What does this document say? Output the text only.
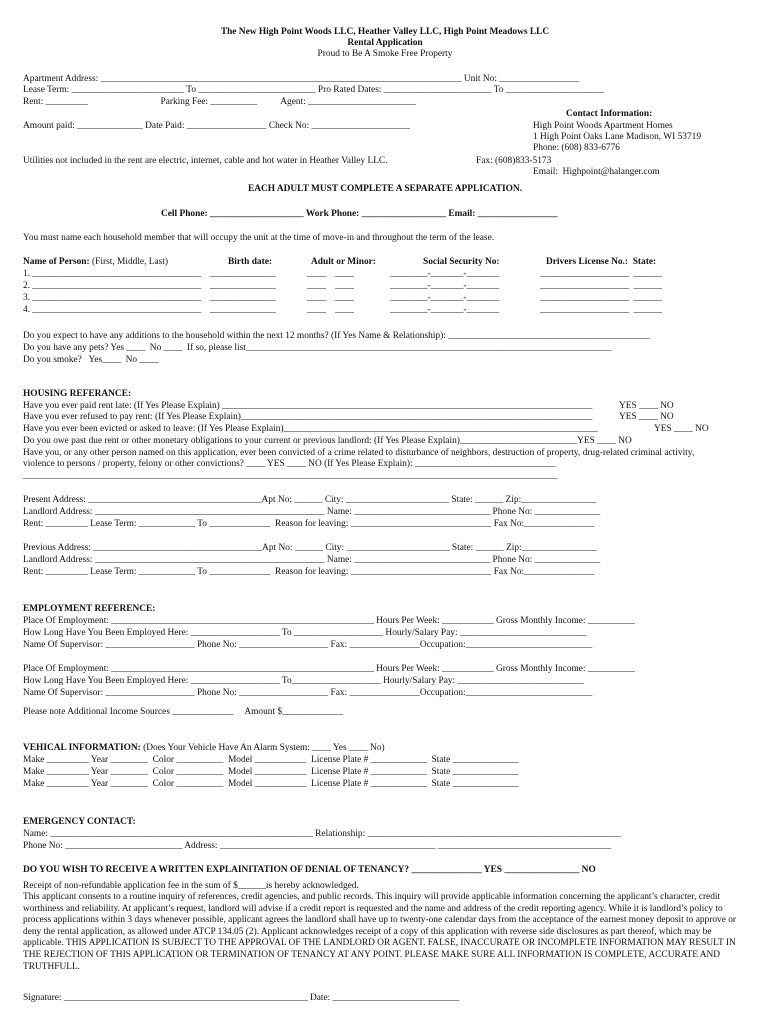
The New High Point Woods LLC, Heather Valley LLC, High Point Meadows LLC
Rental Application
Proud to Be A Smoke Free Property
Apartment Address: _____________________________________________________________________________ Unit No: _________________
Lease Term: ________________________ To _________________________ Pro Rated Dates: _______________________ To _____________________
Rent: _________                               Parking Fee: __________          Agent: _______________________
Contact Information:
Amount paid: ______________ Date Paid: _________________ Check No: _____________________	High Point Woods Apartment Homes
1 High Point Oaks Lane Madison, WI 53719
Phone: (608) 833-6776
Utilities not included in the rent are electric, internet, cable and hot water in Heather Valley LLC.	Fax: (608)833-5173
Email:  Highpoint@halanger.com
EACH ADULT MUST COMPLETE A SEPARATE APPLICATION.
Cell Phone: ____________________ Work Phone: __________________ Email: _________________
You must name each household member that will occupy the unit at the time of move-in and throughout the term of the lease.
Name of Person: (First, Middle, Last)	Birth date:	Adult or Minor:	Social Security No:	Drivers License No.:  State:
1. ____________________________________ ______________	____    ____	________-_______-_______	___________________  ______
2. ____________________________________ ______________	____    ____	________-_______-_______	___________________  ______
3. ____________________________________ ______________	____    ____	________-_______-_______	___________________  ______
4. ____________________________________ ______________	____    ____	________-_______-_______	___________________  ______
Do you expect to have any additions to the household within the next 12 months? (If Yes Name & Relationship): ___________________________________________
Do you have any pets? Yes ____  No ____  If so, please list______________________________________________________________________________
Do you smoke?   Yes____  No ____
HOUSING REFERANCE:
Have you ever paid rent late: (If Yes Please Explain) _______________________________________________________________________________	YES ____ NO
Have you ever refused to pay rent: (If Yes Please Explain)___________________________________________________________________________	YES ____ NO
Have you ever been evicted or asked to leave: (If Yes Please Explain)___________________________________________________________________	YES ____ NO
Do you owe past due rent or other monetary obligations to your current or previous landlord: (If Yes Please Explain)_________________________YES ____ NO
Have you, or any other person named on this application, ever been convicted of a crime related to disturbance of neighbors, destruction of property, drug-related criminal activity,
violence to persons / property, felony or other convictions? ____ YES ____ NO (If Yes Please Explain): ______________________________
__________________________________________________________________________________________________________________
Present Address: _____________________________________Apt No: ______ City: ______________________ State: ______ Zip:________________
Landlord Address: _________________________________________________ Name: _____________________________ Phone No: ______________
Rent: _________ Lease Term: ____________ To _____________  Reason for leaving: ______________________________ Fax No:_______________
Previous Address: ____________________________________Apt No: ______ City: ______________________ State: ______ Zip:________________
Landlord Address: _________________________________________________ Name: _____________________________ Phone No: ______________
Rent: _________ Lease Term: ____________ To _____________  Reason for leaving: ______________________________ Fax No:_______________
EMPLOYMENT REFERENCE:
Place Of Employment: ________________________________________________________ Hours Per Week: ___________ Gross Monthly Income: __________
How Long Have You Been Employed Here: ___________________ To ___________________ Hourly/Salary Pay: ___________________________
Name Of Supervisor: ___________________ Phone No: ___________________ Fax: _______________Occupation:___________________________
Place Of Employment: ________________________________________________________ Hours Per Week: ___________ Gross Monthly Income: __________
How Long Have You Been Employed Here: ___________________ To___________________ Hourly/Salary Pay: ___________________________
Name Of Supervisor: ___________________ Phone No: ___________________ Fax: _______________Occupation:___________________________
Please note Additional Income Sources _____________     Amount $_____________
VEHICAL INFORMATION: (Does Your Vehicle Have An Alarm System: ____ Yes ____ No)
Make _________ Year ________  Color __________  Model ___________  License Plate # ____________  State ______________
Make _________ Year ________  Color __________  Model ___________  License Plate # ____________  State ______________
Make _________ Year ________  Color __________  Model ___________  License Plate # ____________  State ______________
EMERGENCY CONTACT:
Name: ________________________________________________________ Relationship: ______________________________________________________
Phone No: _________________________ Address: ______________________________________________ _____________________________________
DO YOU WISH TO RECEIVE A WRITTEN EXPLAINITATION OF DENIAL OF TENANCY? _______________ YES ________________ NO
Receipt of non-refundable application fee in the sum of $______is hereby acknowledged.
This applicant consents to a routine inquiry of references, credit agencies, and public records. This inquiry will provide applicable information concerning the applicant’s character, credit worthiness and reliability. At applicant’s request, landlord will advise if a credit report is requested and the name and address of the credit reporting agency. While it is landlord’s policy to process applications within 3 days whenever possible, applicant agrees the landlord shall have up to twenty-one calendar days from the acceptance of the earnest money deposit to approve or deny the rental application, as allowed under ATCP 134.05 (2). Applicant acknowledges receipt of a copy of this application with reverse side disclosures as part thereof, which may be applicable. THIS APPLICATION IS SUBJECT TO THE APPROVAL OF THE LANDLORD OR AGENT. FALSE, INACCURATE OR INCOMPLETE INFORMATION MAY RESULT IN THE REJECTION OF THIS APPLICATION OR TERMINATION OF TENANCY AT ANY POINT. PLEASE MAKE SURE ALL INFORMATION IS COMPLETE, ACCURATE AND TRUTHFULL.
Signature: ____________________________________________________ Date: ___________________________
